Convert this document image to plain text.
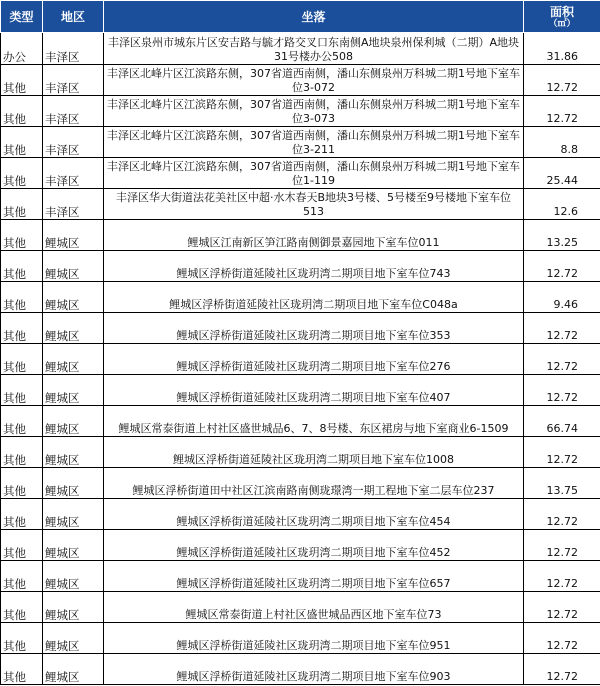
类型	地区	坐落	面积
（㎡）

办公	丰泽区	丰泽区泉州市城东片区安吉路与毓才路交叉口东南侧A地块泉州保利城（二期）A地块31号楼办公508	31.86
其他	丰泽区	丰泽区北峰片区江滨路东侧，307省道西南侧，潘山东侧泉州万科城二期1号地下室车位3-072	12.72
其他	丰泽区	丰泽区北峰片区江滨路东侧，307省道西南侧，潘山东侧泉州万科城二期1号地下室车位3-073	12.72
其他	丰泽区	丰泽区北峰片区江滨路东侧，307省道西南侧，潘山东侧泉州万科城二期1号地下室车位3-211	8.8
其他	丰泽区	丰泽区北峰片区江滨路东侧，307省道西南侧，潘山东侧泉州万科城二期1号地下室车位1-119	25.44
其他	丰泽区	丰泽区华大街道法花美社区中超·水木春天B地块3号楼、5号楼至9号楼地下室车位513	12.6
其他	鲤城区	鲤城区江南新区笋江路南侧御景嘉园地下室车位011	13.25
其他	鲤城区	鲤城区浮桥街道延陵社区珑玥湾二期项目地下室车位743	12.72
其他	鲤城区	鲤城区浮桥街道延陵社区珑玥湾二期项目地下室车位C048a	9.46
其他	鲤城区	鲤城区浮桥街道延陵社区珑玥湾二期项目地下室车位353	12.72
其他	鲤城区	鲤城区浮桥街道延陵社区珑玥湾二期项目地下室车位276	12.72
其他	鲤城区	鲤城区浮桥街道延陵社区珑玥湾二期项目地下室车位407	12.72
其他	鲤城区	鲤城区常泰街道上村社区盛世城品6、7、8号楼、东区裙房与地下室商业6-1509	66.74
其他	鲤城区	鲤城区浮桥街道延陵社区珑玥湾二期项目地下室车位1008	12.72
其他	鲤城区	鲤城区浮桥街道田中社区江滨南路南侧珑璟湾一期工程地下室二层车位237	13.75
其他	鲤城区	鲤城区浮桥街道延陵社区珑玥湾二期项目地下室车位454	12.72
其他	鲤城区	鲤城区浮桥街道延陵社区珑玥湾二期项目地下室车位452	12.72
其他	鲤城区	鲤城区浮桥街道延陵社区珑玥湾二期项目地下室车位657	12.72
其他	鲤城区	鲤城区常泰街道上村社区盛世城品西区地下室车位73	12.72
其他	鲤城区	鲤城区浮桥街道延陵社区珑玥湾二期项目地下室车位951	12.72
其他	鲤城区	鲤城区浮桥街道延陵社区珑玥湾二期项目地下室车位903	12.72
